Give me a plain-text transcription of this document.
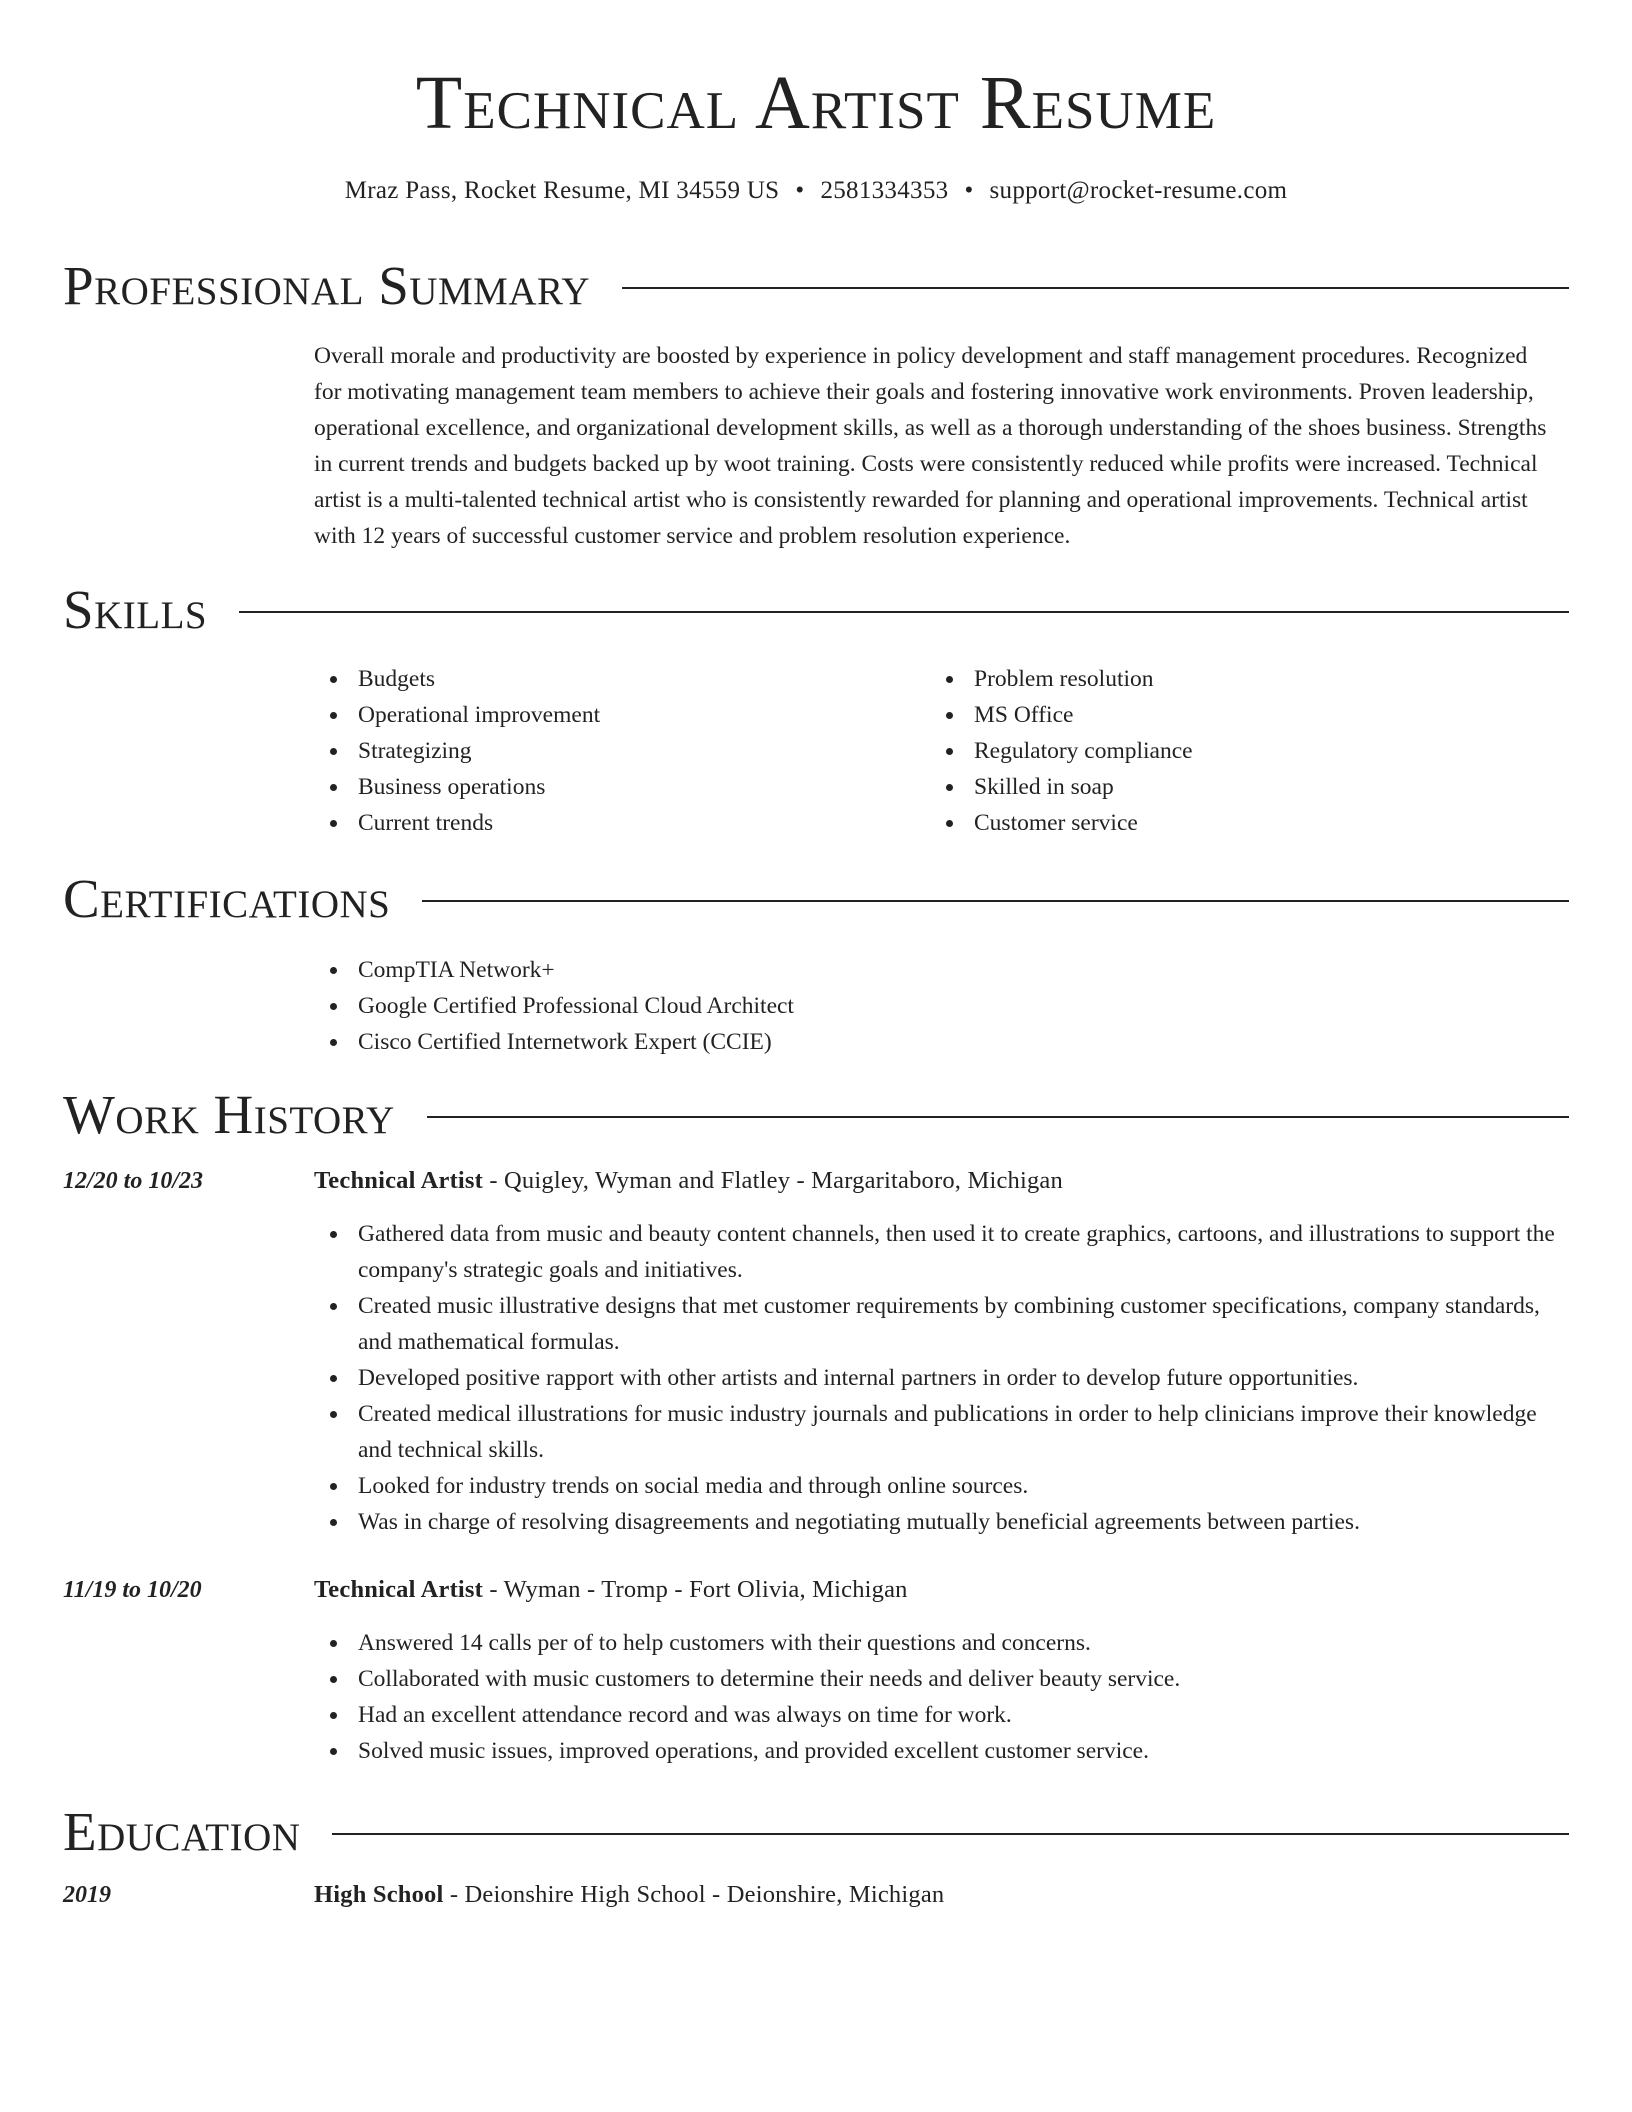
Technical Artist Resume
Mraz Pass, Rocket Resume, MI 34559 US • 2581334353 • support@rocket-resume.com
Professional Summary

Overall morale and productivity are boosted by experience in policy development and staff management procedures. Recognized for motivating management team members to achieve their goals and fostering innovative work environments. Proven leadership, operational excellence, and organizational development skills, as well as a thorough understanding of the shoes business. Strengths in current trends and budgets backed up by woot training. Costs were consistently reduced while profits were increased. Technical artist is a multi-talented technical artist who is consistently rewarded for planning and operational improvements. Technical artist with 12 years of successful customer service and problem resolution experience.

Skills
Budgets
Operational improvement
Strategizing
Business operations
Current trends
Problem resolution
MS Office
Regulatory compliance
Skilled in soap
Customer service
Certifications
CompTIA Network+
Google Certified Professional Cloud Architect
Cisco Certified Internetwork Expert (CCIE)
Work History
12/20 to 10/23	Technical Artist - Quigley, Wyman and Flatley - Margaritaboro, Michigan
Gathered data from music and beauty content channels, then used it to create graphics, cartoons, and illustrations to support the company's strategic goals and initiatives.
Created music illustrative designs that met customer requirements by combining customer specifications, company standards, and mathematical formulas.
Developed positive rapport with other artists and internal partners in order to develop future opportunities.
Created medical illustrations for music industry journals and publications in order to help clinicians improve their knowledge and technical skills.
Looked for industry trends on social media and through online sources.
Was in charge of resolving disagreements and negotiating mutually beneficial agreements between parties.
11/19 to 10/20	Technical Artist - Wyman - Tromp - Fort Olivia, Michigan
Answered 14 calls per of to help customers with their questions and concerns.
Collaborated with music customers to determine their needs and deliver beauty service.
Had an excellent attendance record and was always on time for work.
Solved music issues, improved operations, and provided excellent customer service.
Education
2019	High School - Deionshire High School - Deionshire, Michigan
